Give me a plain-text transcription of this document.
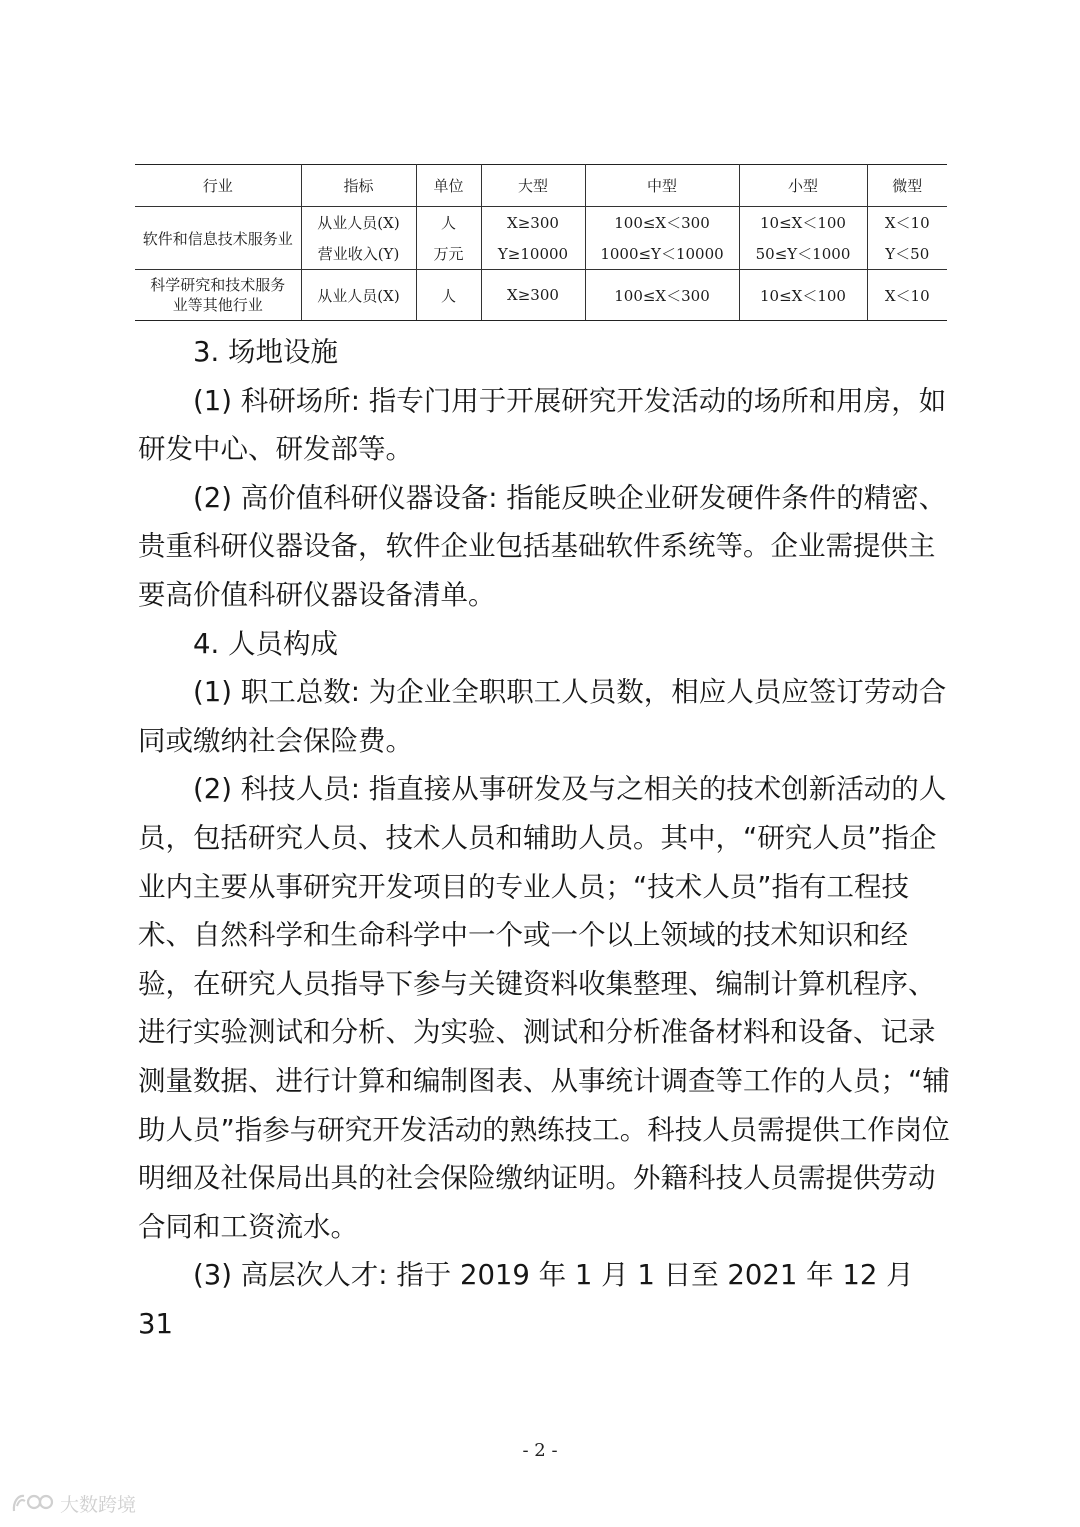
行业	指标	单位	大型	中型	小型	微型
软件和信息技术服务业	从业人员(X)	人	X≥300	100≤X＜300	10≤X＜100	X＜10
	营业收入(Y)	万元	Y≥10000	1000≤Y＜10000	50≤Y＜1000	Y＜50

科学研究和技术服务业等其他行业	从业人员(X)	人	X≥300	100≤X＜300	10≤X＜100	X＜10

3. 场地设施

(1) 科研场所: 指专门用于开展研究开发活动的场所和用房，如研发中心、研发部等。

(2) 高价值科研仪器设备: 指能反映企业研发硬件条件的精密、贵重科研仪器设备，软件企业包括基础软件系统等。企业需提供主要高价值科研仪器设备清单。

4. 人员构成

(1) 职工总数: 为企业全职职工人员数，相应人员应签订劳动合同或缴纳社会保险费。

(2) 科技人员: 指直接从事研发及与之相关的技术创新活动的人员，包括研究人员、技术人员和辅助人员。其中，“研究人员”指企业内主要从事研究开发项目的专业人员；“技术人员”指有工程技术、自然科学和生命科学中一个或一个以上领域的技术知识和经验，在研究人员指导下参与关键资料收集整理、编制计算机程序、进行实验测试和分析、为实验、测试和分析准备材料和设备、记录测量数据、进行计算和编制图表、从事统计调查等工作的人员；“辅助人员”指参与研究开发活动的熟练技工。科技人员需提供工作岗位明细及社保局出具的社会保险缴纳证明。外籍科技人员需提供劳动合同和工资流水。

(3) 高层次人才: 指于 2019 年 1 月 1 日至 2021 年 12 月 31

- 2 -
大数跨境
